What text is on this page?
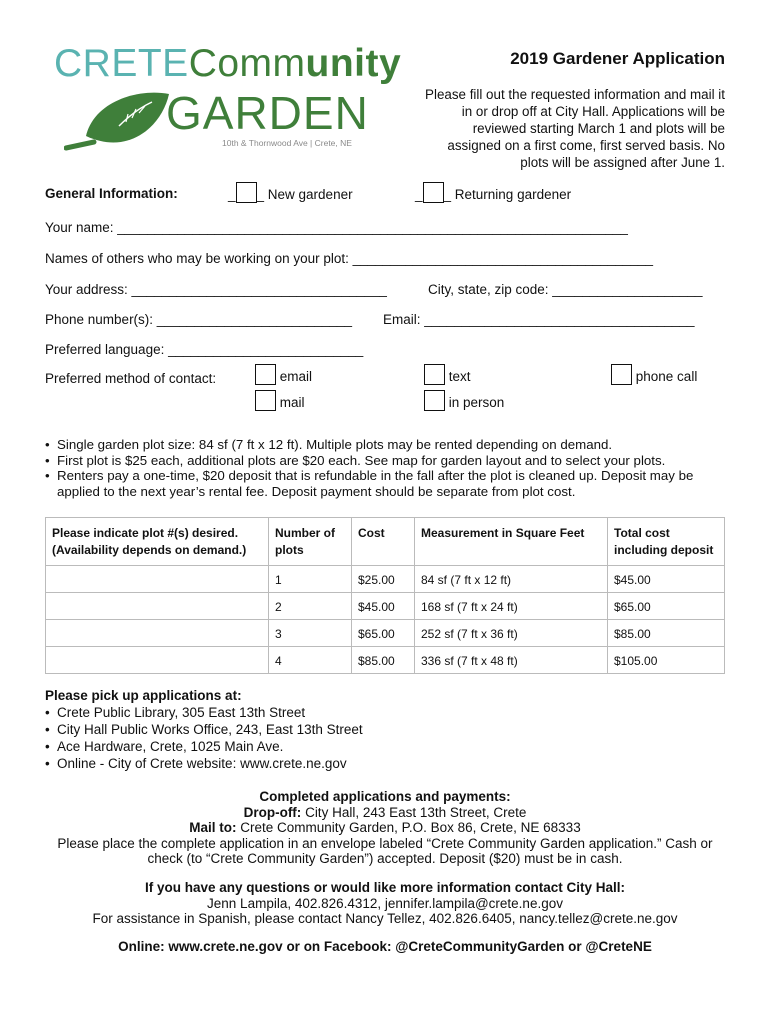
CRETECommunity
GARDEN
10th & Thornwood Ave | Crete, NE
2019 Gardener Application
Please fill out the requested information and mail it in or drop off at City Hall. Applications will be reviewed starting March 1 and plots will be assigned on a first come, first served basis. No plots will be assigned after June 1.
General Information:	_ _ New gardener	_ _ Returning gardener
Your name: ____________________________________________________________________
Names of others who may be working on your plot: ________________________________________
Your address: __________________________________	City, state, zip code: ____________________
Phone number(s): __________________________ Email: ____________________________________
Preferred language: __________________________
Preferred method of contact:	email
mail
text
in person
phone call
• Single garden plot size: 84 sf (7 ft x 12 ft). Multiple plots may be rented depending on demand.
• First plot is $25 each, additional plots are $20 each. See map for garden layout and to select your plots.
• Renters pay a one-time, $20 deposit that is refundable in the fall after the plot is cleaned up. Deposit may be applied to the next year’s rental fee. Deposit payment should be separate from plot cost.
Please indicate plot #(s) desired. (Availability depends on demand.)	Number of plots	Cost	Measurement in Square Feet	Total cost including deposit
	1	$25.00	84 sf (7 ft x 12 ft)	$45.00
	2	$45.00	168 sf (7 ft x 24 ft)	$65.00
	3	$65.00	252 sf (7 ft x 36 ft)	$85.00
	4	$85.00	336 sf (7 ft x 48 ft)	$105.00
Please pick up applications at:
• Crete Public Library, 305 East 13th Street
• City Hall Public Works Office, 243, East 13th Street
• Ace Hardware, Crete, 1025 Main Ave.
• Online - City of Crete website: www.crete.ne.gov
Completed applications and payments:
Drop-off: City Hall, 243 East 13th Street, Crete
Mail to: Crete Community Garden, P.O. Box 86, Crete, NE 68333
Please place the complete application in an envelope labeled “Crete Community Garden application.” Cash or check (to “Crete Community Garden”) accepted. Deposit ($20) must be in cash.
If you have any questions or would like more information contact City Hall:
Jenn Lampila, 402.826.4312, jennifer.lampila@crete.ne.gov
For assistance in Spanish, please contact Nancy Tellez, 402.826.6405, nancy.tellez@crete.ne.gov
Online: www.crete.ne.gov or on Facebook: @CreteCommunityGarden or @CreteNE
